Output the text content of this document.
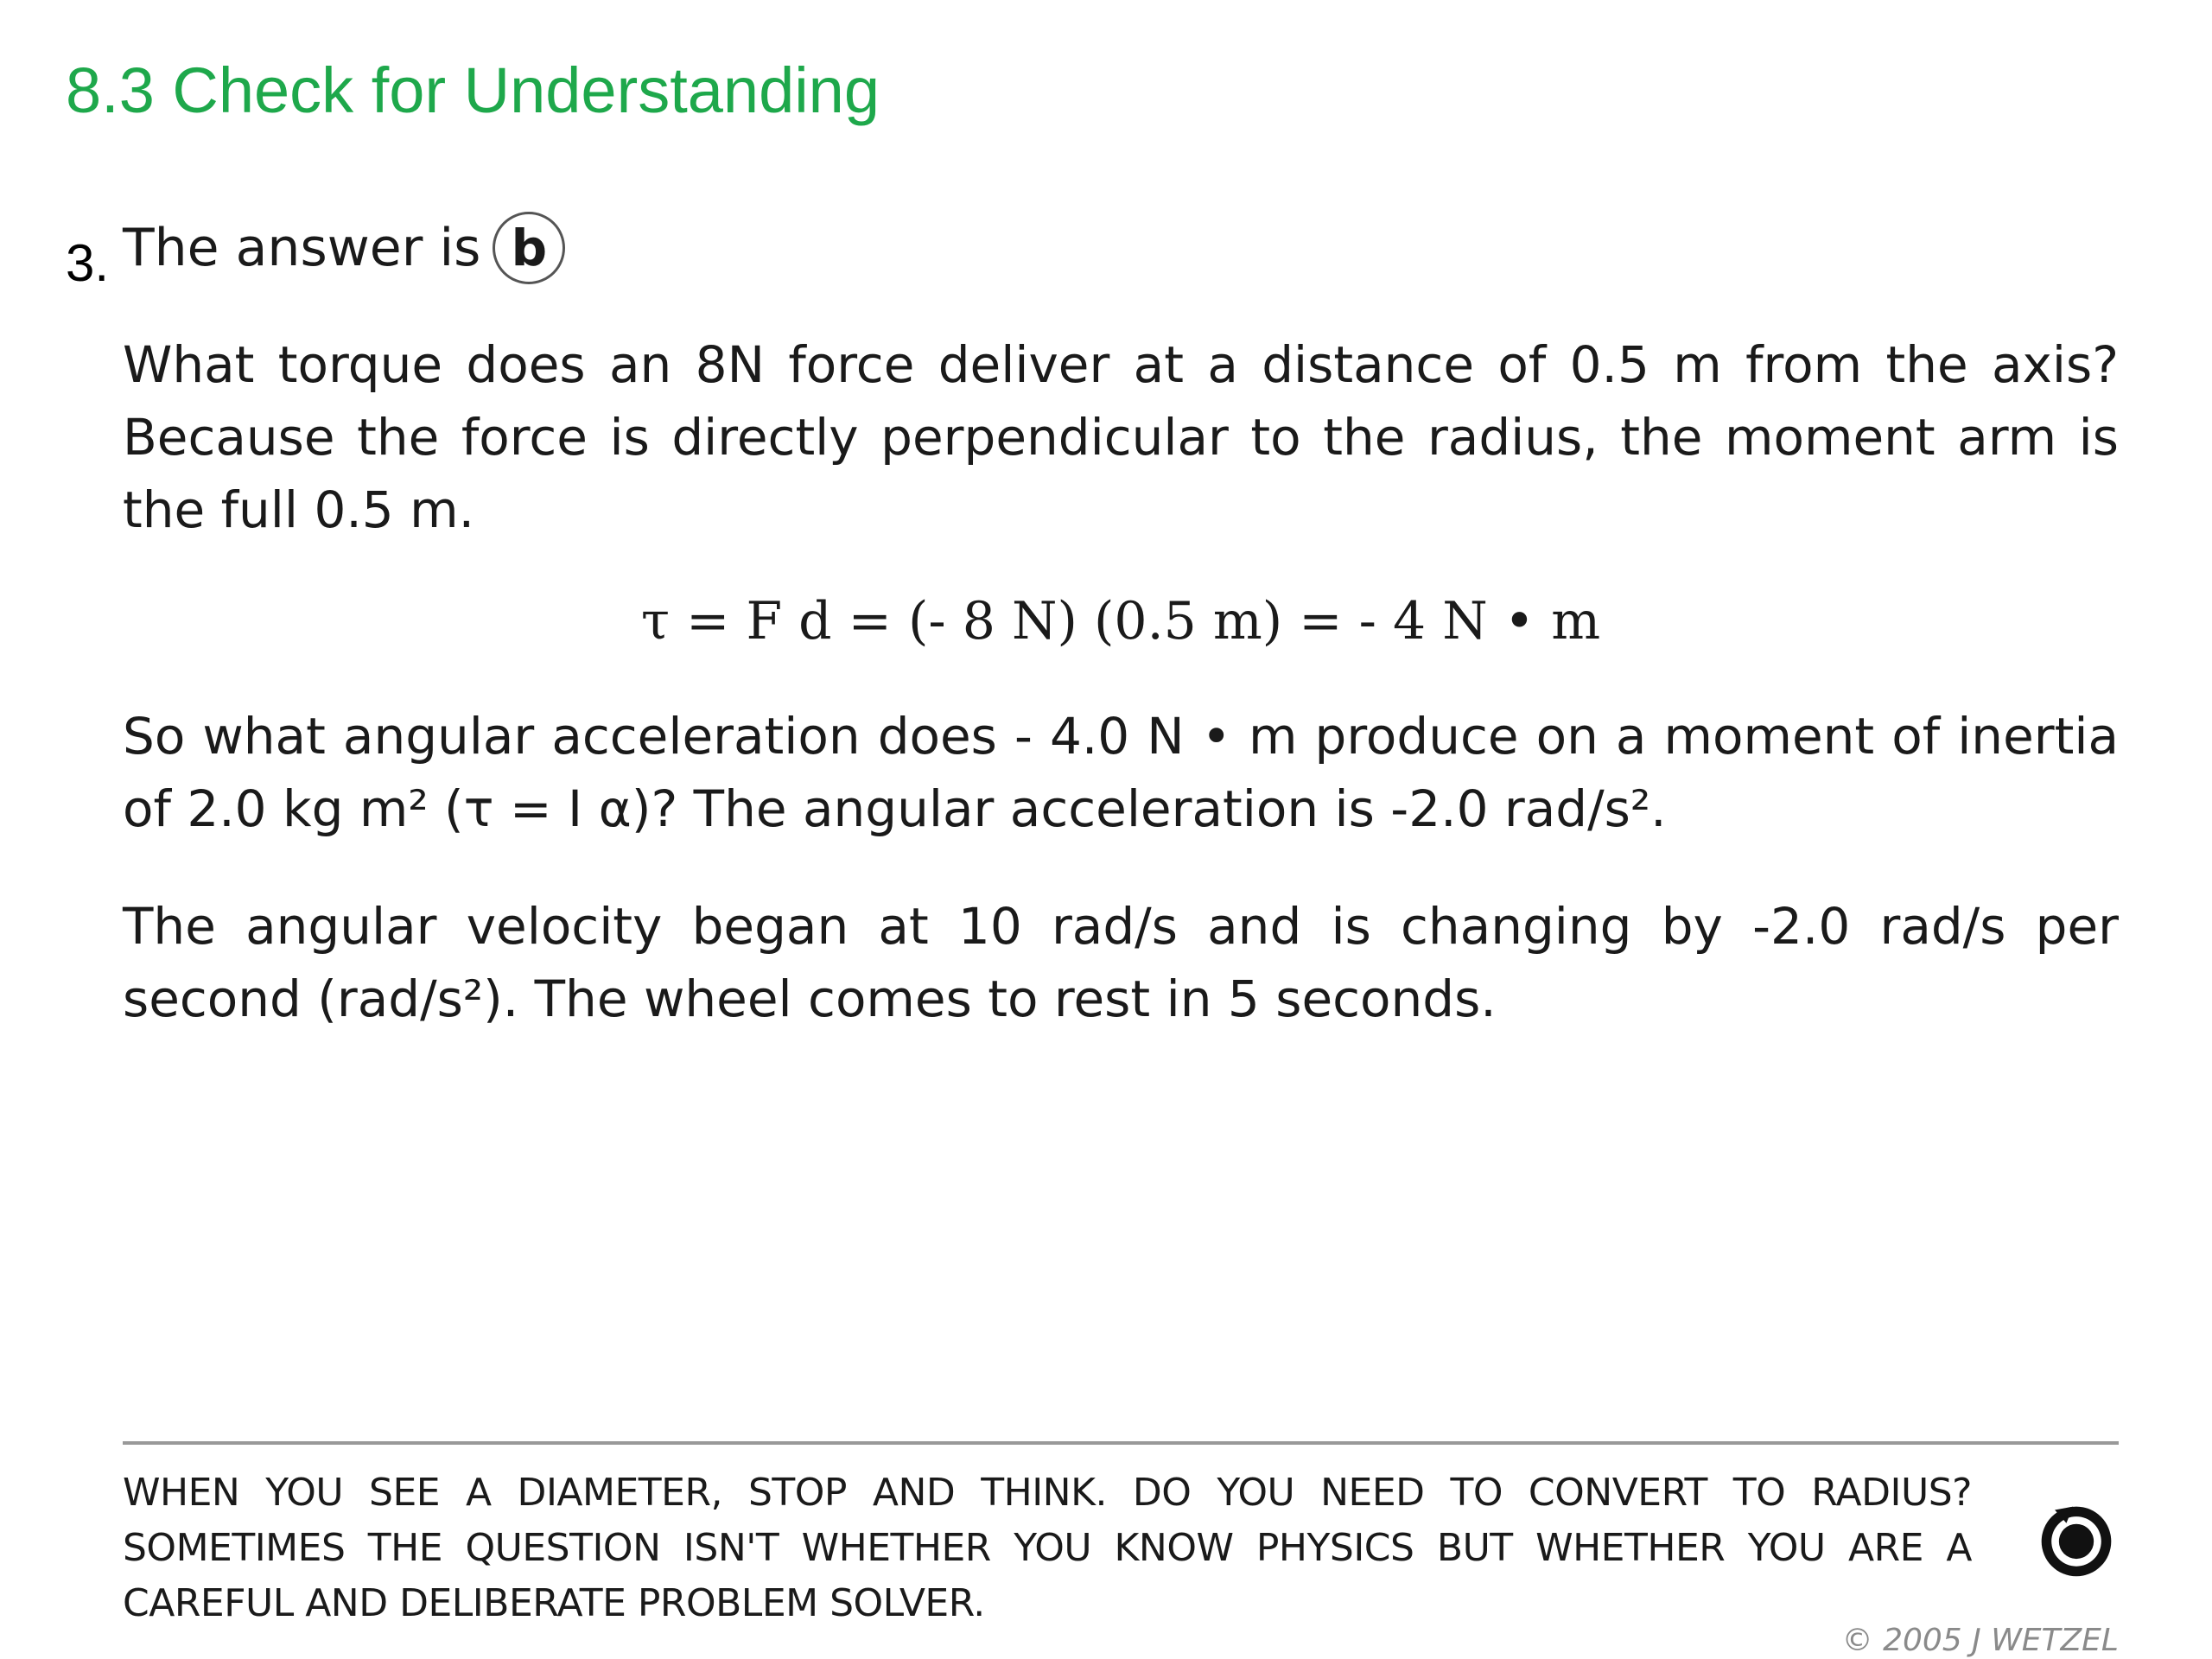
8.3 Check for Understanding
3. The answer is b
What torque does an 8N force deliver at a distance of 0.5 m from the axis? Because the force is directly perpendicular to the radius, the moment arm is the full 0.5 m.
τ = F d = (- 8 N) (0.5 m) = - 4 N • m
So what angular acceleration does - 4.0 N • m produce on a moment of inertia of 2.0 kg m² (τ = I α)? The angular acceleration is -2.0 rad/s².
The angular velocity began at 10 rad/s and is changing by -2.0 rad/s per second (rad/s²). The wheel comes to rest in 5 seconds.
WHEN YOU SEE A DIAMETER, STOP AND THINK. DO YOU NEED TO CONVERT TO RADIUS? SOMETIMES THE QUESTION ISN'T WHETHER YOU KNOW PHYSICS BUT WHETHER YOU ARE A CAREFUL AND DELIBERATE PROBLEM SOLVER.
© 2005 J WETZEL
